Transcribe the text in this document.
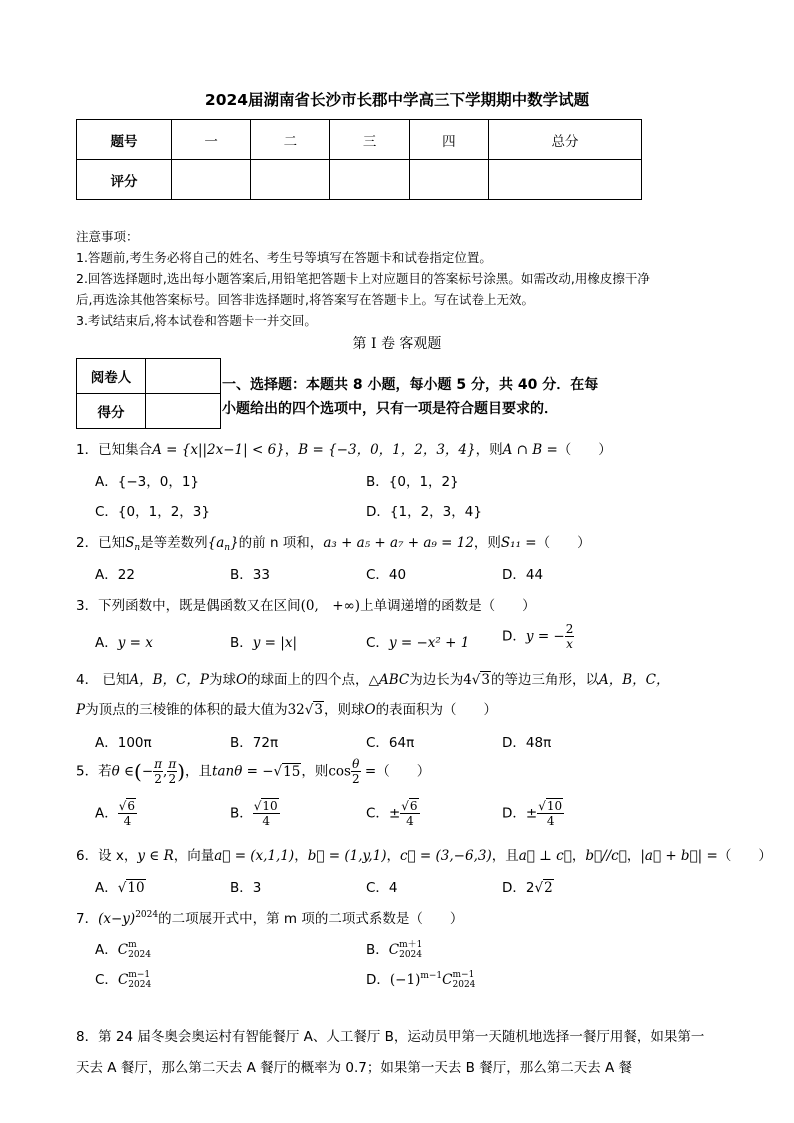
2024届湖南省长沙市长郡中学高三下学期期中数学试题
题号	一	二	三	四	总分
评分					

注意事项：

1.答题前,考生务必将自己的姓名、考生号等填写在答题卡和试卷指定位置。

2.回答选择题时,选出每小题答案后,用铅笔把答题卡上对应题目的答案标号涂黑。如需改动,用橡皮擦干净

后,再选涂其他答案标号。回答非选择题时,将答案写在答题卡上。写在试卷上无效。

3.考试结束后,将本试卷和答题卡一并交回。

第 I 卷 客观题
阅卷人	
得分	
一、选择题：本题共 8 小题，每小题 5 分，共 40 分．在每
小题给出的四个选项中，只有一项是符合题目要求的．
1．已知集合A = {x||2x−1| < 6}，B = {−3，0，1，2，3，4}，则A ∩ B =（　　）
A．{−3，0，1}	B．{0，1，2}
C．{0，1，2，3}	D．{1，2，3，4}
2．已知$S_n$是等差数列$\{a_n\}$的前 n 项和，a₃ + a₅ + a₇ + a₉ = 12，则S₁₁ =（　　）
A．22	B．33	C．40	D．44
3．下列函数中，既是偶函数又在区间(0,　+∞)上单调递增的函数是（　　）
A．y = x	B．y = |x|	C．y = −x² + 1 D．y = − $\frac{2}{x}$
4． 已知A，B，C，P为球O的球面上的四个点，△ABC为边长为4√3的等边三角形，以A，B，C，
P为顶点的三棱锥的体积的最大值为32√3，则球O的表面积为（　　）
A．100π	B．72π	C．64π	D．48π
5．若θ ∈(− $\frac{\pi}{2}$ , $\frac{\pi}{2}$ )，且tanθ = −√15，则$\cos \frac{\theta}{2}$ =（　　）
A． $\frac{√6}{4}$	B． $\frac{√10}{4}$	C．± $\frac{√6}{4}$	D．± $\frac{√10}{4}$
6．设 x，y ∈ R，向量a⃗ = (x,1,1)，b⃗ = (1,y,1)，c⃗ = (3,−6,3)，且a⃗ ⊥ c⃗，b⃗//c⃗，|a⃗ + b⃗| =（　　）
A．√10	B．3	C．4	D．2√2
7．$(x-y)^{2024}$的二项展开式中，第 m 项的二项式系数是（　　）
A．C m
2024	B．C m＋1
2024
C．C m−1
2024	D．$(-1)^{m-1}C$ m−1
2024
8．第 24 届冬奥会奥运村有智能餐厅 A、人工餐厅 B，运动员甲第一天随机地选择一餐厅用餐，如果第一天去 A 餐厅，那么第二天去 A 餐厅的概率为 0.7；如果第一天去 B 餐厅，那么第二天去 A 餐
